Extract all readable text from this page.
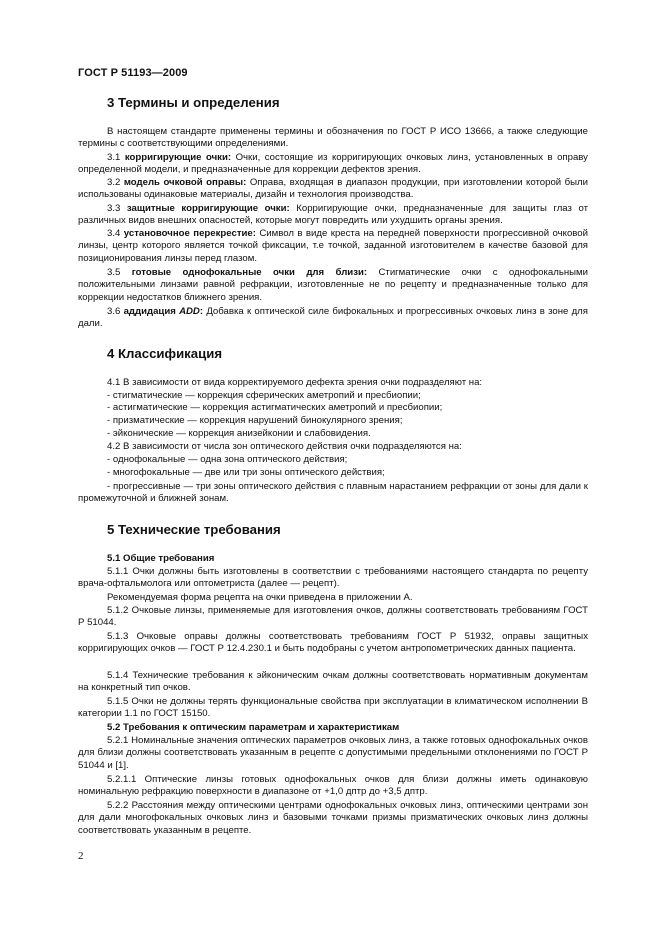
ГОСТ Р 51193—2009
3 Термины и определения
В настоящем стандарте применены термины и обозначения по ГОСТ Р ИСО 13666, а также следующие термины с соответствующими определениями.
3.1 корригирующие очки: Очки, состоящие из корригирующих очковых линз, установленных в оправу определенной модели, и предназначенные для коррекции дефектов зрения.
3.2 модель очковой оправы: Оправа, входящая в диапазон продукции, при изготовлении которой были использованы одинаковые материалы, дизайн и технология производства.
3.3 защитные корригирующие очки: Корригирующие очки, предназначенные для защиты глаз от различных видов внешних опасностей, которые могут повредить или ухудшить органы зрения.
3.4 установочное перекрестие: Символ в виде креста на передней поверхности прогрессивной очковой линзы, центр которого является точкой фиксации, т.е точкой, заданной изготовителем в качестве базовой для позиционирования линзы перед глазом.
3.5 готовые однофокальные очки для близи: Стигматические очки с однофокальными положительными линзами равной рефракции, изготовленные не по рецепту и предназначенные только для коррекции недостатков ближнего зрения.
3.6 аддидация ADD: Добавка к оптической силе бифокальных и прогрессивных очковых линз в зоне для дали.
4 Классификация
4.1 В зависимости от вида корректируемого дефекта зрения очки подразделяют на:
- стигматические — коррекция сферических аметропий и пресбиопии;
- астигматические — коррекция астигматических аметропий и пресбиопии;
- призматические — коррекция нарушений бинокулярного зрения;
- эйконические — коррекция анизейконии и слабовидения.
4.2 В зависимости от числа зон оптического действия очки подразделяются на:
- однофокальные — одна зона оптического действия;
- многофокальные — две или три зоны оптического действия;
- прогрессивные — три зоны оптического действия с плавным нарастанием рефракции от зоны для дали к промежуточной и ближней зонам.
5 Технические требования
5.1 Общие требования
5.1.1 Очки должны быть изготовлены в соответствии с требованиями настоящего стандарта по рецепту врача-офтальмолога или оптометриста (далее — рецепт).
Рекомендуемая форма рецепта на очки приведена в приложении А.
5.1.2 Очковые линзы, применяемые для изготовления очков, должны соответствовать требованиям ГОСТ Р 51044.
5.1.3 Очковые оправы должны соответствовать требованиям ГОСТ Р 51932, оправы защитных корригирующих очков — ГОСТ Р 12.4.230.1 и быть подобраны с учетом антропометрических данных пациента.
5.1.4 Технические требования к эйконическим очкам должны соответствовать нормативным документам на конкретный тип очков.
5.1.5 Очки не должны терять функциональные свойства при эксплуатации в климатическом исполнении В категории 1.1 по ГОСТ 15150.
5.2 Требования к оптическим параметрам и характеристикам
5.2.1 Номинальные значения оптических параметров очковых линз, а также готовых однофокальных очков для близи должны соответствовать указанным в рецепте с допустимыми предельными отклонениями по ГОСТ Р 51044 и [1].
5.2.1.1 Оптические линзы готовых однофокальных очков для близи должны иметь одинаковую номинальную рефракцию поверхности в диапазоне от +1,0 дптр до +3,5 дптр.
5.2.2 Расстояния между оптическими центрами однофокальных очковых линз, оптическими центрами зон для дали многофокальных очковых линз и базовыми точками призмы призматических очковых линз должны соответствовать указанным в рецепте.
2
